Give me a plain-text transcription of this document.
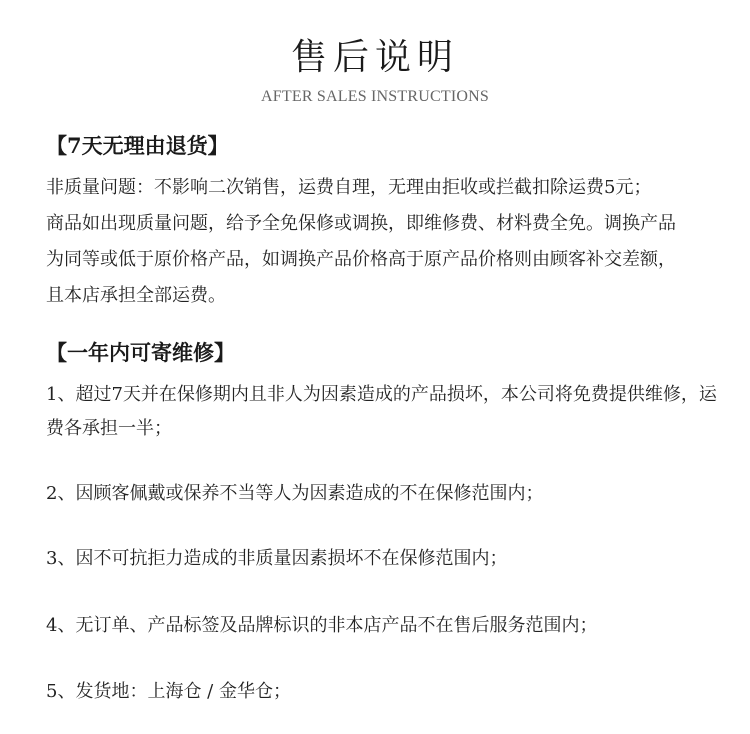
售后说明
AFTER SALES INSTRUCTIONS
【7天无理由退货】

非质量问题：不影响二次销售，运费自理，无理由拒收或拦截扣除运费5元；

商品如出现质量问题，给予全免保修或调换，即维修费、材料费全免。调换产品

为同等或低于原价格产品，如调换产品价格高于原产品价格则由顾客补交差额，

且本店承担全部运费。

【一年内可寄维修】

1、超过7天并在保修期内且非人为因素造成的产品损坏，本公司将免费提供维修，运费各承担一半；

2、因顾客佩戴或保养不当等人为因素造成的不在保修范围内；

3、因不可抗拒力造成的非质量因素损坏不在保修范围内；

4、无订单、产品标签及品牌标识的非本店产品不在售后服务范围内；

5、发货地：上海仓 / 金华仓；
